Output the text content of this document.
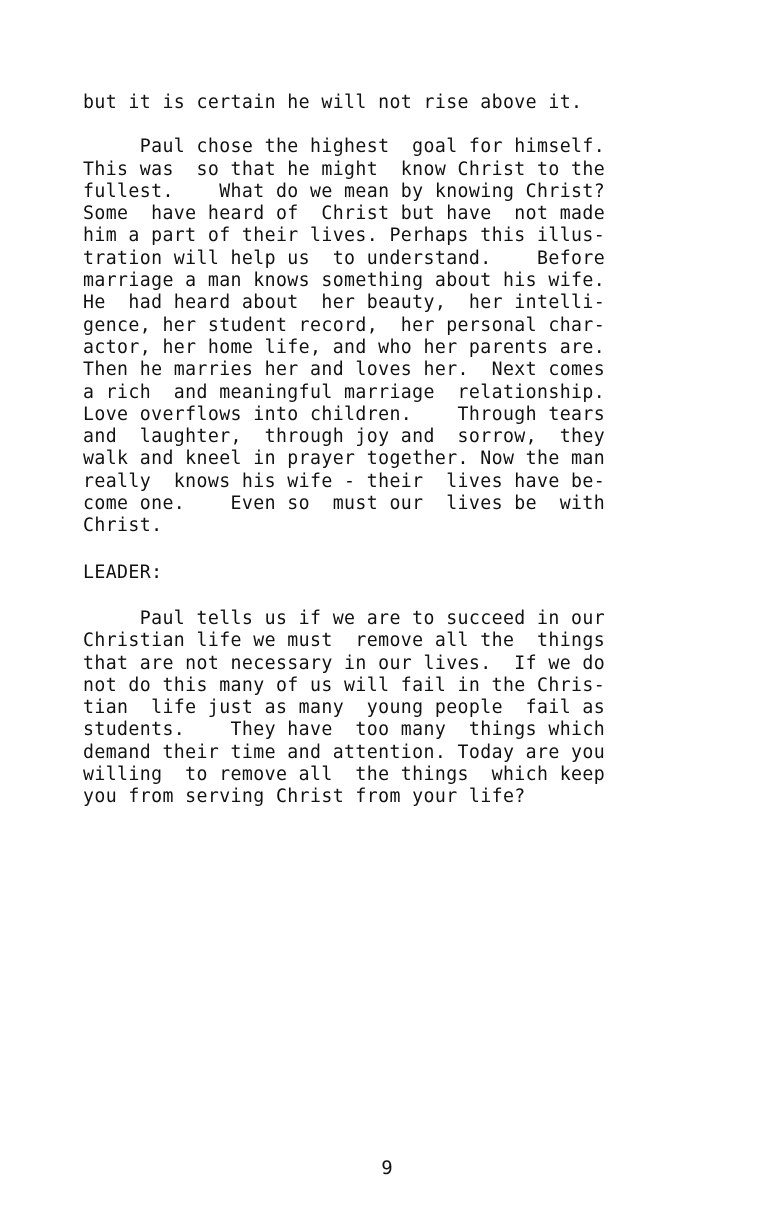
but it is certain he will not rise above it.
Paul chose the highest  goal for himself.
This was  so that he might  know Christ to the
fullest.    What do we mean by knowing Christ?
Some  have heard of  Christ but have  not made
him a part of their lives. Perhaps this illus-
tration will help us  to understand.    Before
marriage a man knows something about his wife.
He  had heard about  her beauty,  her intelli-
gence, her student record,  her personal char-
actor, her home life, and who her parents are.
Then he marries her and loves her.  Next comes
a rich  and meaningful marriage  relationship.
Love overflows into children.    Through tears
and  laughter,  through joy and  sorrow,  they
walk and kneel in prayer together. Now the man
really  knows his wife - their  lives have be-
come one.    Even so  must our  lives be  with
Christ.
LEADER:
Paul tells us if we are to succeed in our
Christian life we must  remove all the  things
that are not necessary in our lives.  If we do
not do this many of us will fail in the Chris-
tian  life just as many  young people  fail as
students.    They have  too many  things which
demand their time and attention. Today are you
willing  to remove all  the things  which keep
you from serving Christ from your life?
9
